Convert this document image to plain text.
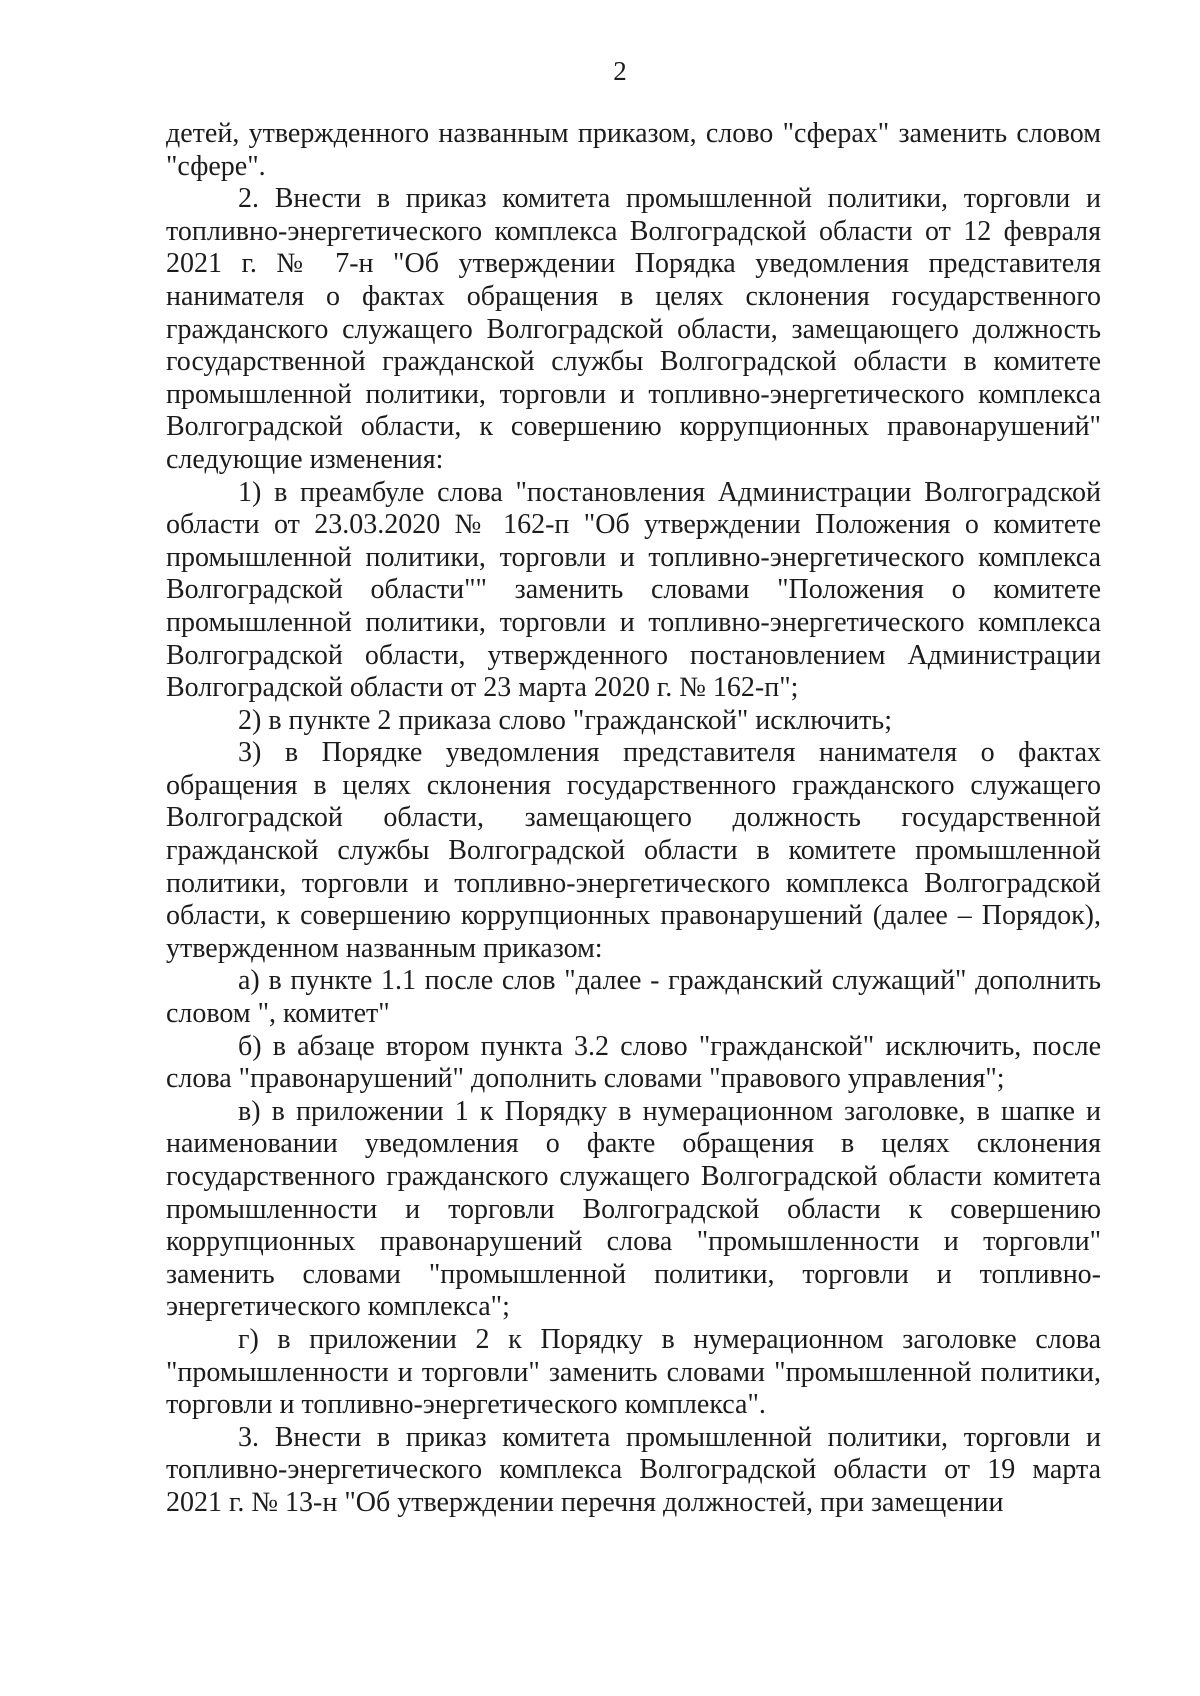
2

детей, утвержденного названным приказом, слово "сферах" заменить словом "сфере".

2. Внести в приказ комитета промышленной политики, торговли и топливно-энергетического комплекса Волгоградской области от 12 февраля 2021 г. № 7-н "Об утверждении Порядка уведомления представителя нанимателя о фактах обращения в целях склонения государственного гражданского служащего Волгоградской области, замещающего должность государственной гражданской службы Волгоградской области в комитете промышленной политики, торговли и топливно-энергетического комплекса Волгоградской области, к совершению коррупционных правонарушений" следующие изменения:

1) в преамбуле слова "постановления Администрации Волгоградской области от 23.03.2020 № 162-п "Об утверждении Положения о комитете промышленной политики, торговли и топливно-энергетического комплекса Волгоградской области"" заменить словами "Положения о комитете промышленной политики, торговли и топливно-энергетического комплекса Волгоградской области, утвержденного постановлением Администрации Волгоградской области от 23 марта 2020 г. № 162-п";

2) в пункте 2 приказа слово "гражданской" исключить;

3) в Порядке уведомления представителя нанимателя о фактах обращения в целях склонения государственного гражданского служащего Волгоградской области, замещающего должность государственной гражданской службы Волгоградской области в комитете промышленной политики, торговли и топливно-энергетического комплекса Волгоградской области, к совершению коррупционных правонарушений (далее – Порядок), утвержденном названным приказом:

а) в пункте 1.1 после слов "далее - гражданский служащий" дополнить словом ", комитет"

б) в абзаце втором пункта 3.2 слово "гражданской" исключить, после слова "правонарушений" дополнить словами "правового управления";

в) в приложении 1 к Порядку в нумерационном заголовке, в шапке и наименовании уведомления о факте обращения в целях склонения государственного гражданского служащего Волгоградской области комитета промышленности и торговли Волгоградской области к совершению коррупционных правонарушений слова "промышленности и торговли" заменить словами "промышленной политики, торговли и топливно-энергетического комплекса";

г) в приложении 2 к Порядку в нумерационном заголовке слова "промышленности и торговли" заменить словами "промышленной политики, торговли и топливно-энергетического комплекса".

3. Внести в приказ комитета промышленной политики, торговли и топливно-энергетического комплекса Волгоградской области от 19 марта 2021 г. № 13-н "Об утверждении перечня должностей, при замещении
